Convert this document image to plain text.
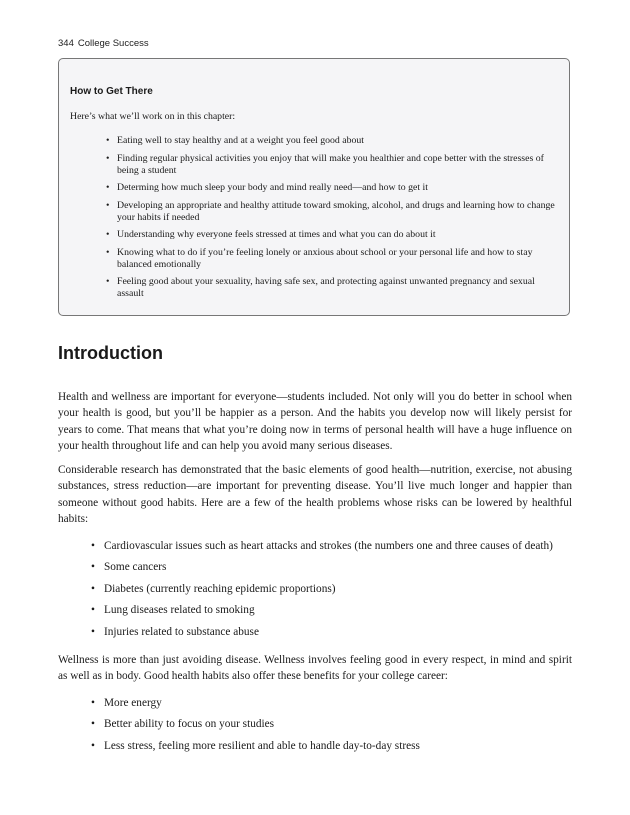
344 College Success
How to Get There
Here’s what we’ll work on in this chapter:
• Eating well to stay healthy and at a weight you feel good about
• Finding regular physical activities you enjoy that will make you healthier and cope better with the stresses of being a student
• Determing how much sleep your body and mind really need—and how to get it
• Developing an appropriate and healthy attitude toward smoking, alcohol, and drugs and learning how to change your habits if needed
• Understanding why everyone feels stressed at times and what you can do about it
• Knowing what to do if you’re feeling lonely or anxious about school or your personal life and how to stay balanced emotionally
• Feeling good about your sexuality, having safe sex, and protecting against unwanted pregnancy and sexual assault
Introduction

Health and wellness are important for everyone—students included. Not only will you do better in school when your health is good, but you’ll be happier as a person. And the habits you develop now will likely persist for years to come. That means that what you’re doing now in terms of personal health will have a huge influence on your health throughout life and can help you avoid many serious diseases.

Considerable research has demonstrated that the basic elements of good health—nutrition, exercise, not abusing substances, stress reduction—are important for preventing disease. You’ll live much longer and happier than someone without good habits. Here are a few of the health problems whose risks can be lowered by healthful habits:

• Cardiovascular issues such as heart attacks and strokes (the numbers one and three causes of death)
• Some cancers
• Diabetes (currently reaching epidemic proportions)
• Lung diseases related to smoking
• Injuries related to substance abuse

Wellness is more than just avoiding disease. Wellness involves feeling good in every respect, in mind and spirit as well as in body. Good health habits also offer these benefits for your college career:

• More energy
• Better ability to focus on your studies
• Less stress, feeling more resilient and able to handle day-to-day stress
